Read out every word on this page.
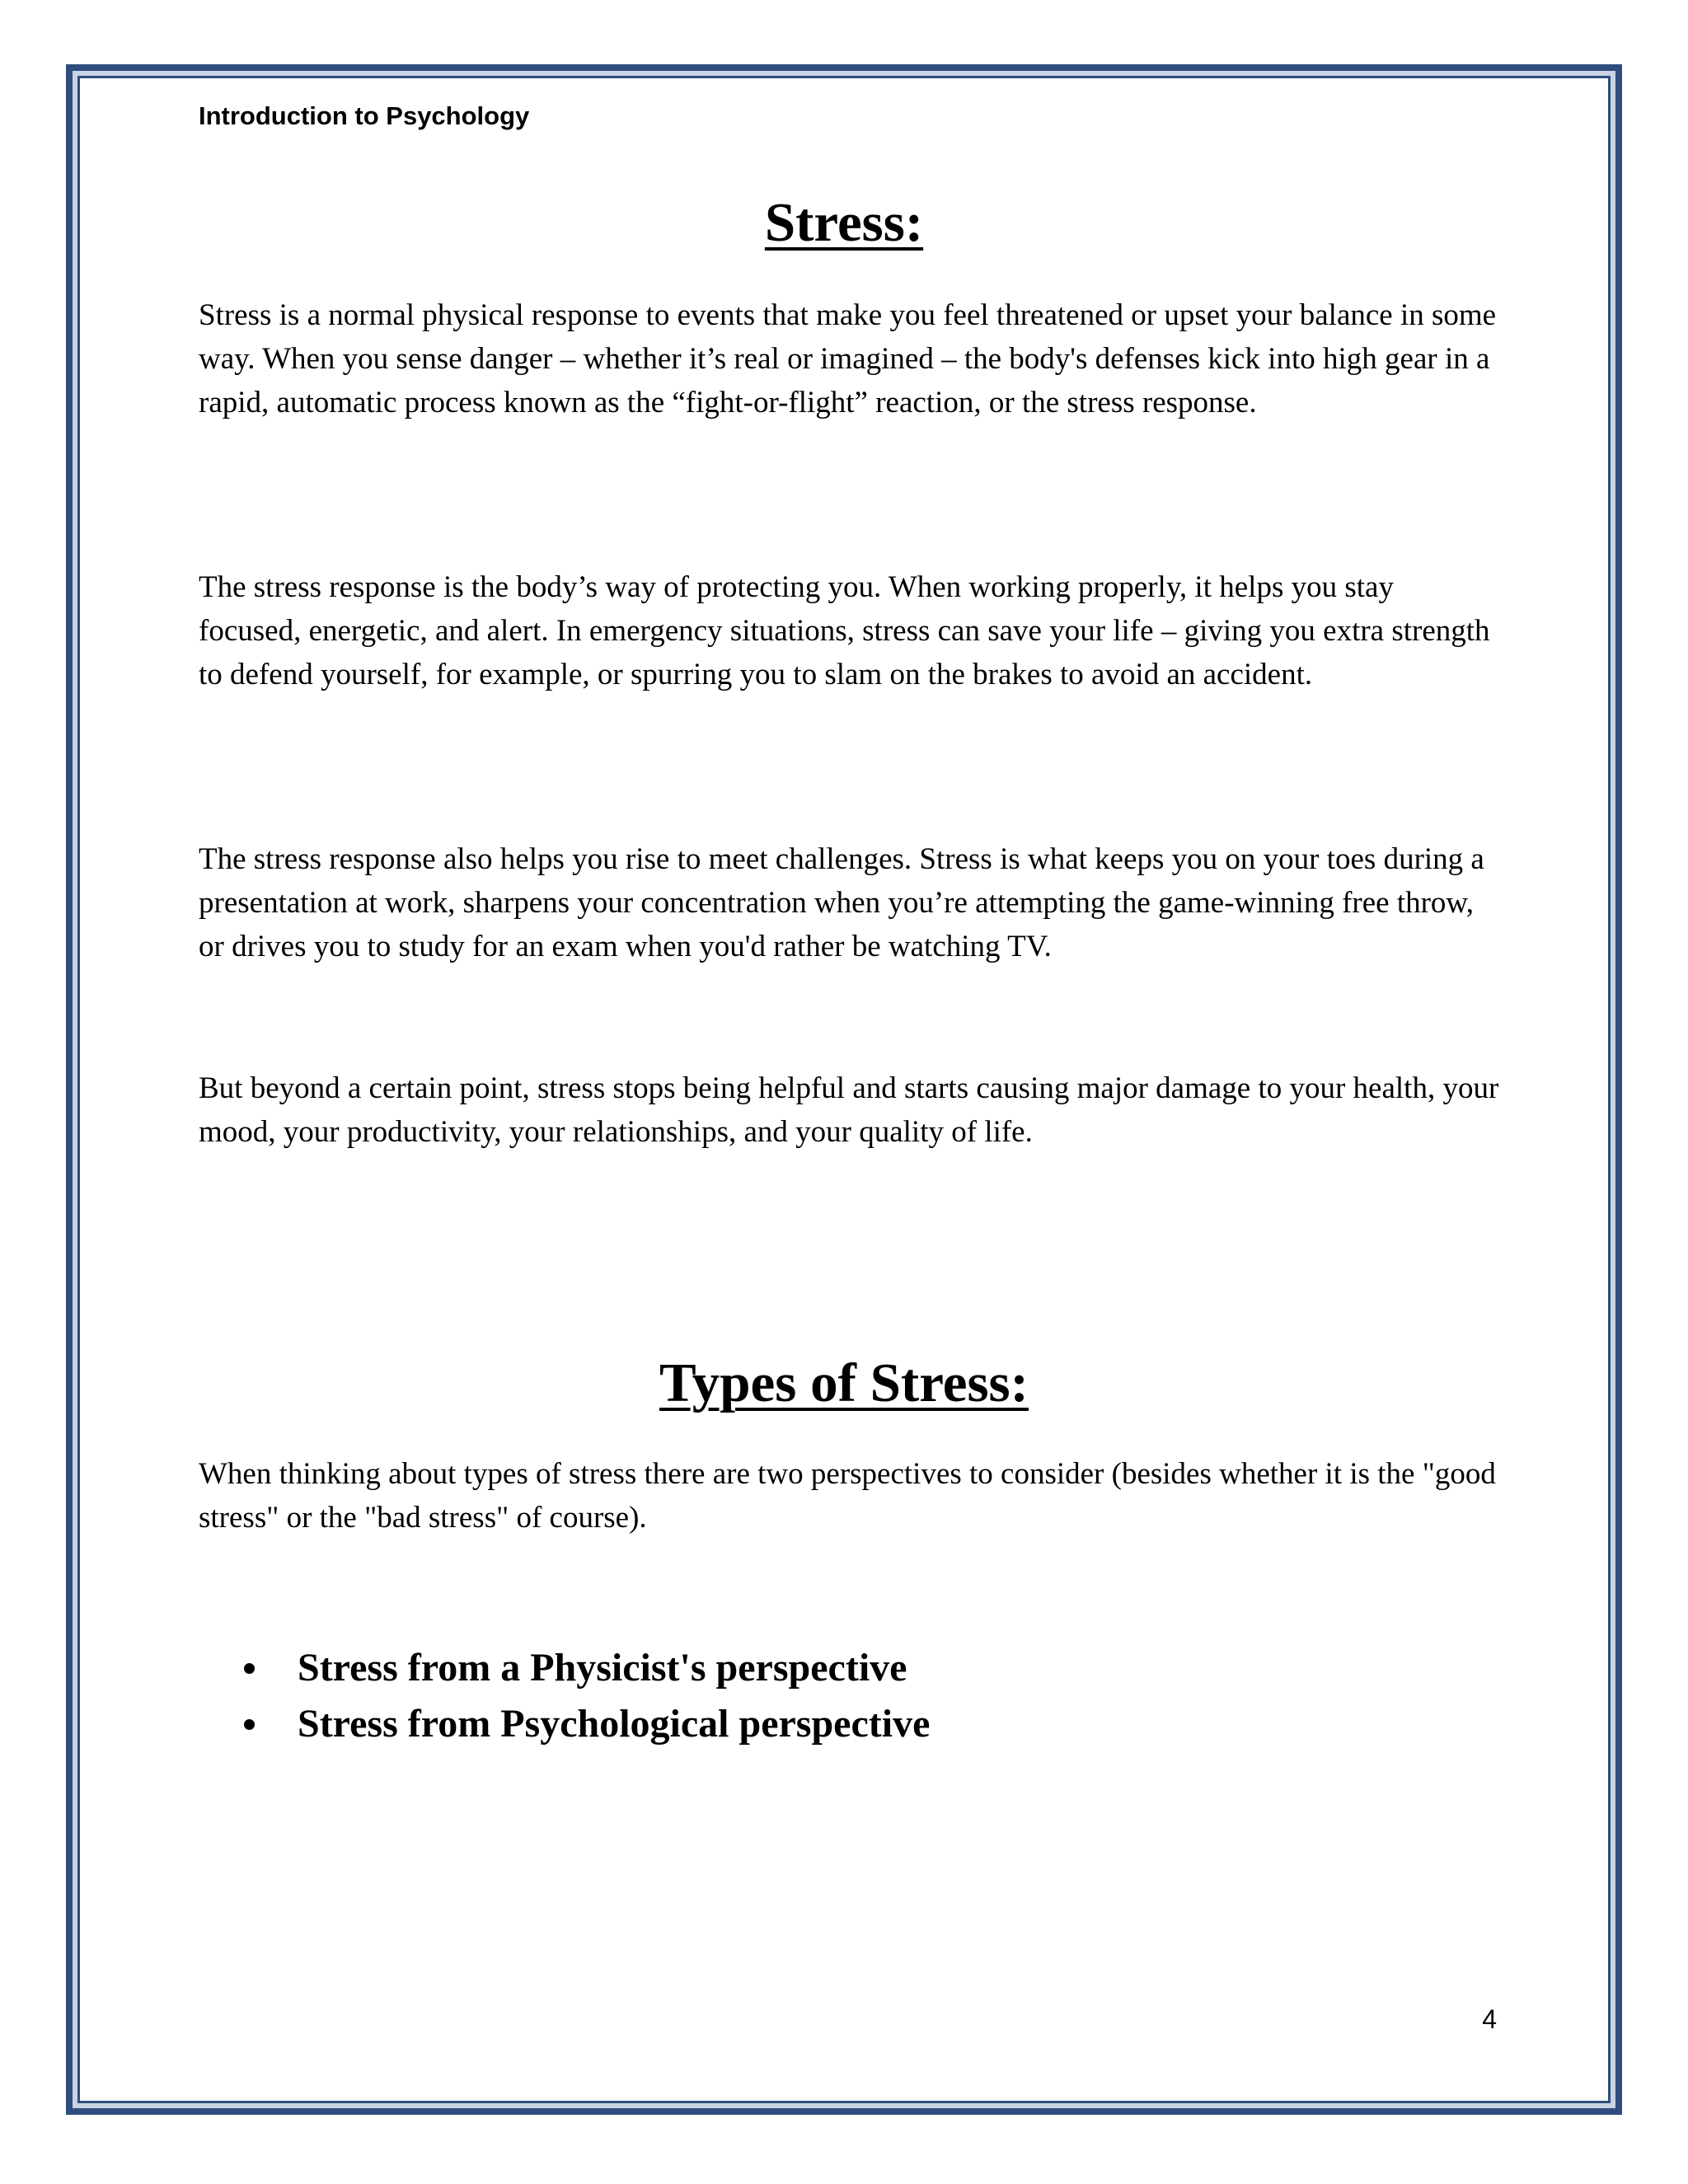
Introduction to Psychology

Stress:

Stress is a normal physical response to events that make you feel threatened or upset your balance in some way. When you sense danger – whether it’s real or imagined – the body's defenses kick into high gear in a rapid, automatic process known as the “fight-or-flight” reaction, or the stress response.

The stress response is the body’s way of protecting you. When working properly, it helps you stay focused, energetic, and alert. In emergency situations, stress can save your life – giving you extra strength to defend yourself, for example, or spurring you to slam on the brakes to avoid an accident.

The stress response also helps you rise to meet challenges. Stress is what keeps you on your toes during a presentation at work, sharpens your concentration when you’re attempting the game-winning free throw, or drives you to study for an exam when you'd rather be watching TV.

But beyond a certain point, stress stops being helpful and starts causing major damage to your health, your mood, your productivity, your relationships, and your quality of life.

Types of Stress:

When thinking about types of stress there are two perspectives to consider (besides whether it is the "good stress" or the "bad stress" of course).

Stress from a Physicist's perspective
Stress from Psychological perspective

4
